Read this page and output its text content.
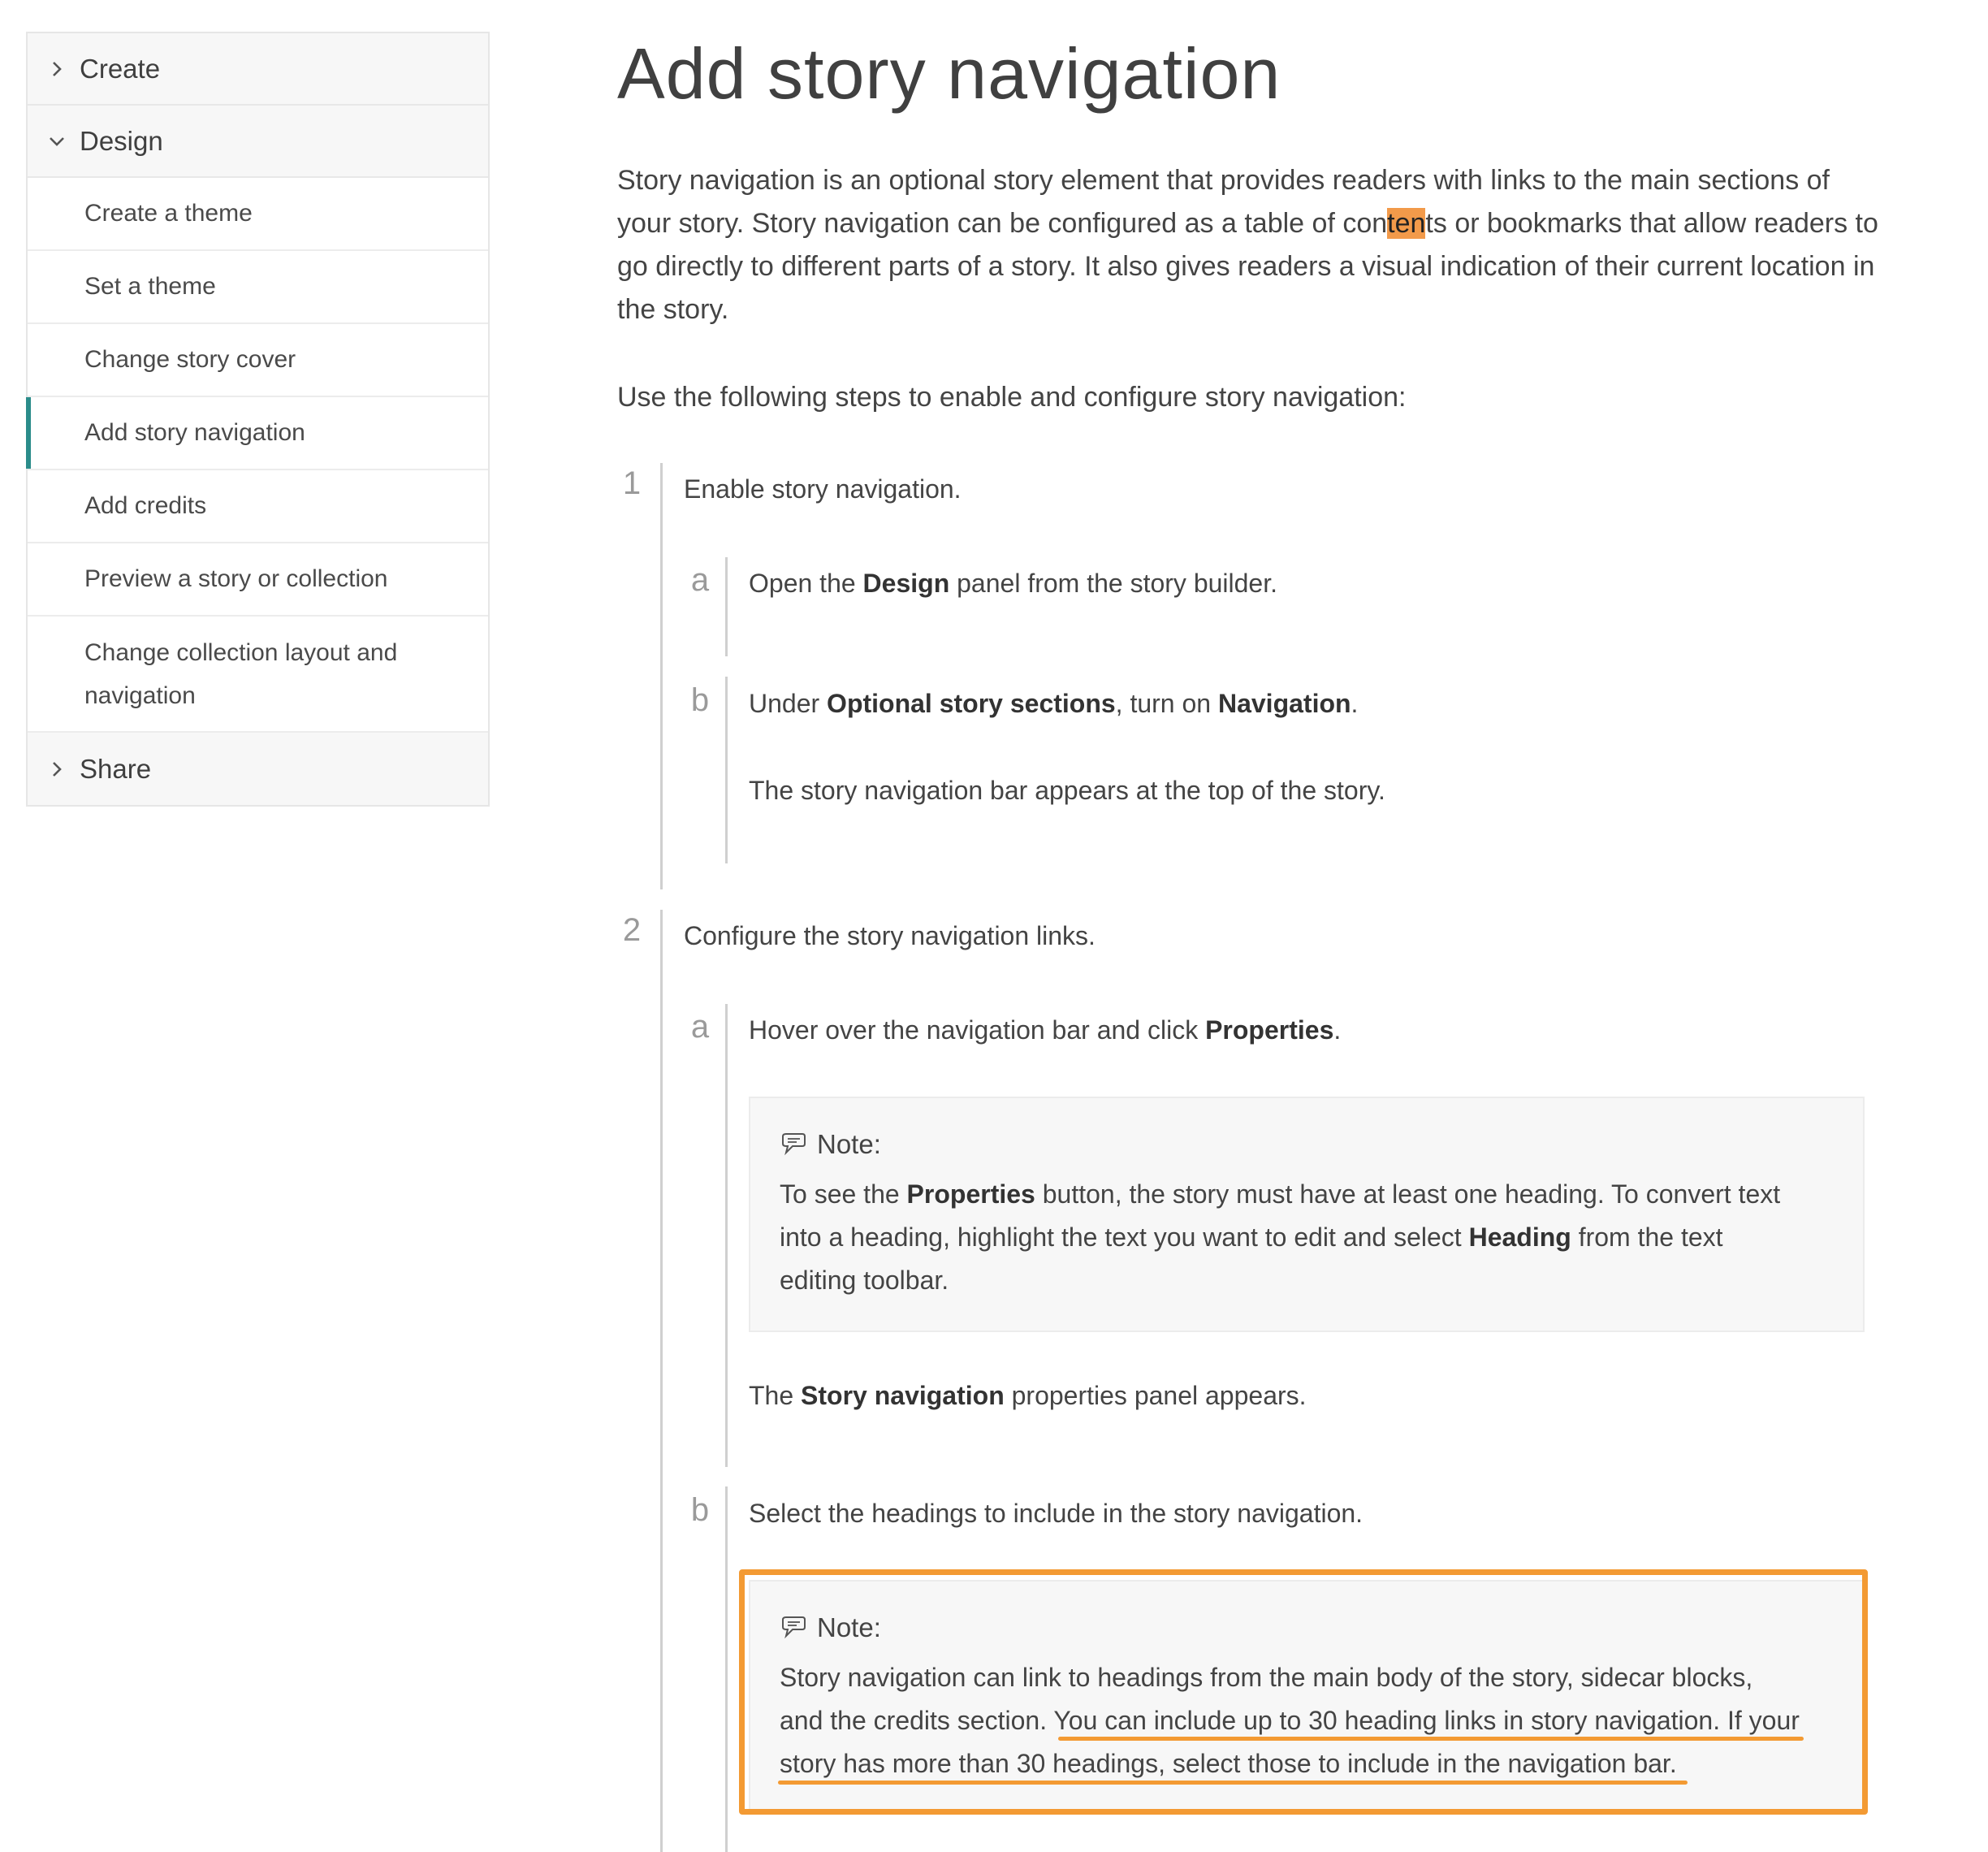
Create
Design
Create a theme
Set a theme
Change story cover
Add story navigation
Add credits
Preview a story or collection
Change collection layout and navigation
Share
Add story navigation

Story navigation is an optional story element that provides readers with links to the main sections of your story. Story navigation can be configured as a table of contents or bookmarks that allow readers to go directly to different parts of a story. It also gives readers a visual indication of their current location in the story.

Use the following steps to enable and configure story navigation:

1 Enable story navigation.
a Open the Design panel from the story builder.
b Under Optional story sections, turn on Navigation.
The story navigation bar appears at the top of the story.
2 Configure the story navigation links.
a Hover over the navigation bar and click Properties.
Note:
To see the Properties button, the story must have at least one heading. To convert text
into a heading, highlight the text you want to edit and select Heading from the text
editing toolbar.
The Story navigation properties panel appears.
b Select the headings to include in the story navigation.
Note:
Story navigation can link to headings from the main body of the story, sidecar blocks,
and the credits section. You can include up to 30 heading links in story navigation. If your
story has more than 30 headings, select those to include in the navigation bar.
